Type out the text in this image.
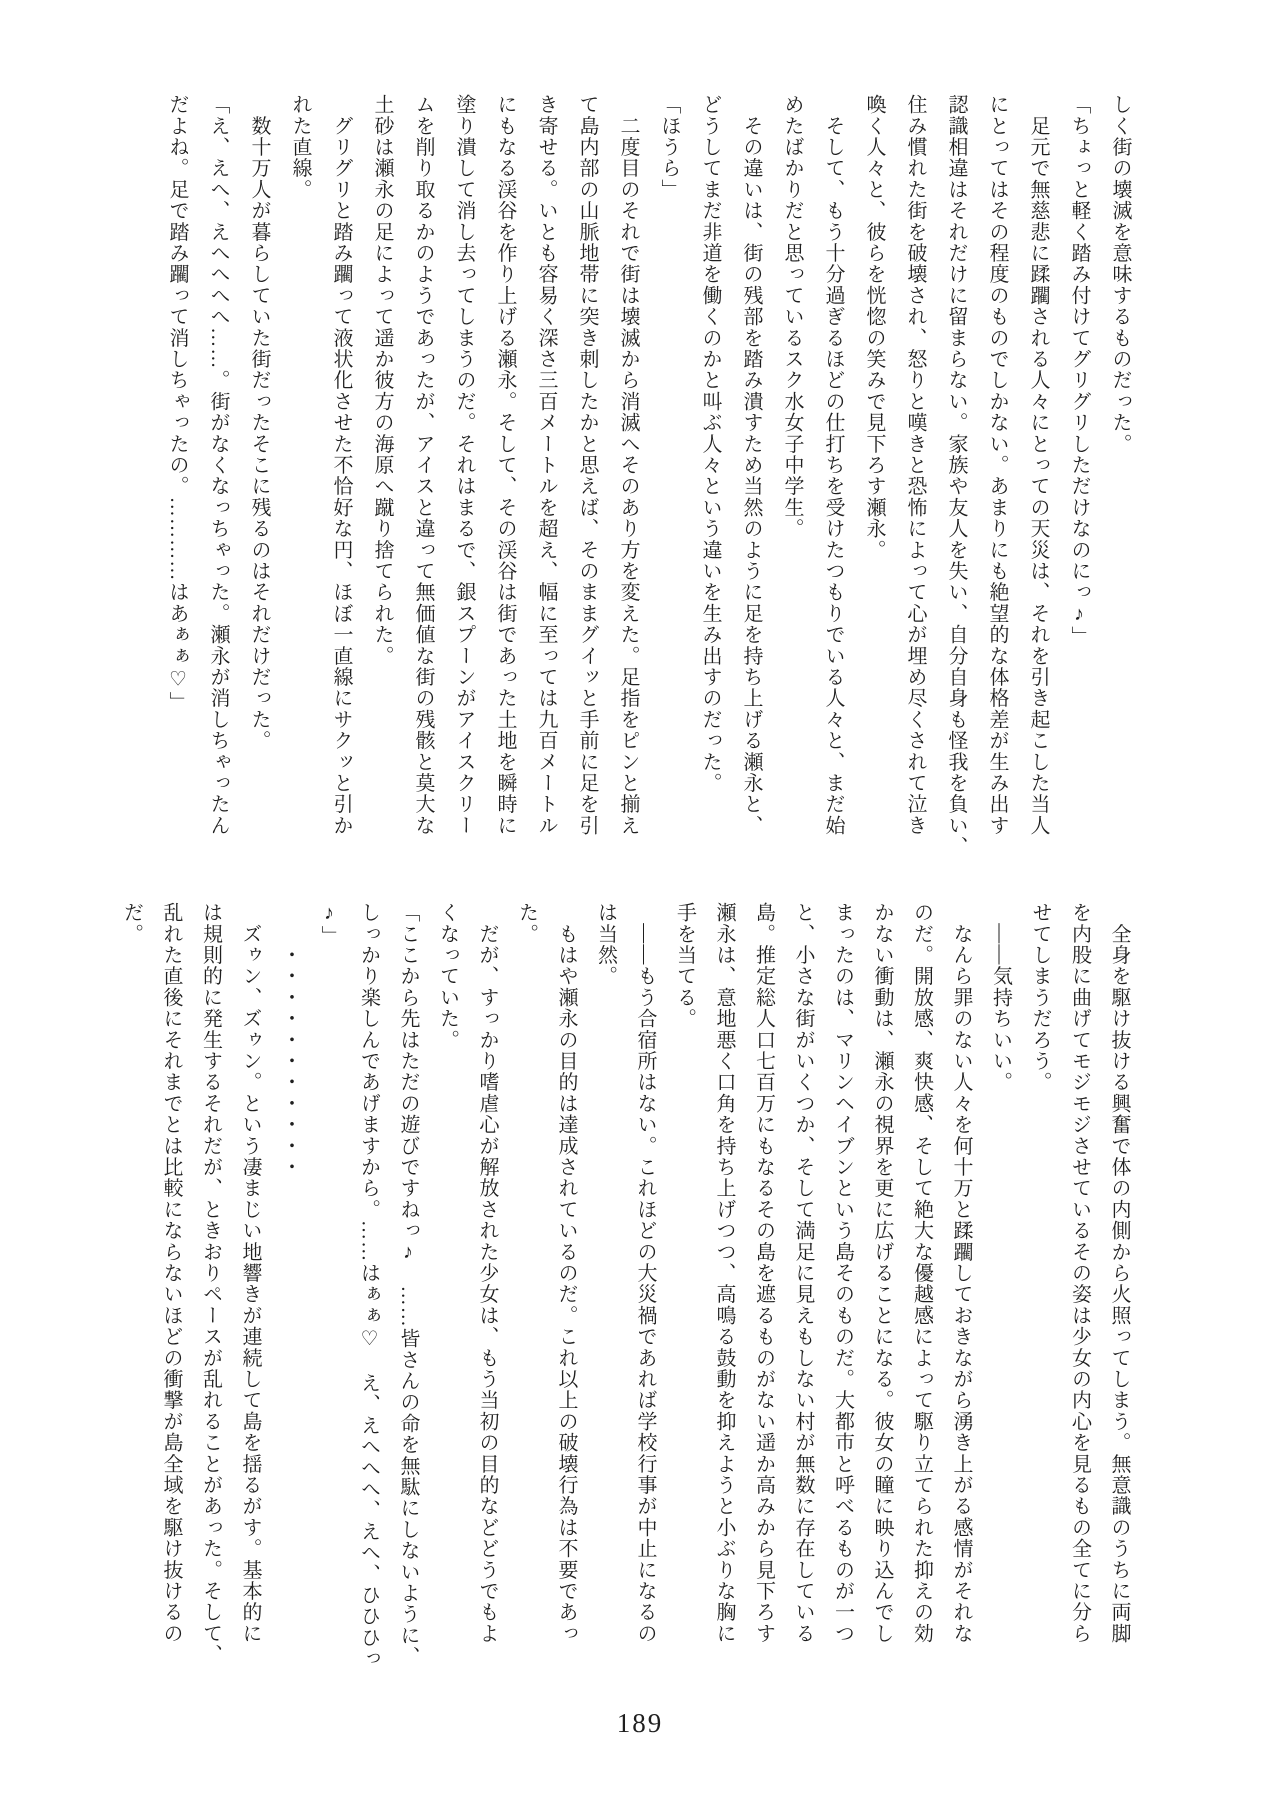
しく街の壊滅を意味するものだった。

「ちょっと軽く踏み付けてグリグリしただけなのにっ♪」

　足元で無慈悲に蹂躙される人々にとっての天災は、それを引き起こした当人

にとってはその程度のものでしかない。あまりにも絶望的な体格差が生み出す

認識相違はそれだけに留まらない。家族や友人を失い、自分自身も怪我を負い、

住み慣れた街を破壊され、怒りと嘆きと恐怖によって心が埋め尽くされて泣き

喚く人々と、彼らを恍惚の笑みで見下ろす瀬永。

　そして、もう十分過ぎるほどの仕打ちを受けたつもりでいる人々と、まだ始

めたばかりだと思っているスク水女子中学生。

　その違いは、街の残部を踏み潰すため当然のように足を持ち上げる瀬永と、

どうしてまだ非道を働くのかと叫ぶ人々という違いを生み出すのだった。

「ほうら」

　二度目のそれで街は壊滅から消滅へそのあり方を変えた。足指をピンと揃え

て島内部の山脈地帯に突き刺したかと思えば、そのままグイッと手前に足を引

き寄せる。いとも容易く深さ三百メートルを超え、幅に至っては九百メートル

にもなる渓谷を作り上げる瀬永。そして、その渓谷は街であった土地を瞬時に

塗り潰して消し去ってしまうのだ。それはまるで、銀スプーンがアイスクリー

ムを削り取るかのようであったが、アイスと違って無価値な街の残骸と莫大な

土砂は瀬永の足によって遥か彼方の海原へ蹴り捨てられた。

　グリグリと踏み躙って液状化させた不恰好な円、ほぼ一直線にサクッと引か

れた直線。

　数十万人が暮らしていた街だったそこに残るのはそれだけだった。

「え、えへ、えへへへへ……。街がなくなっちゃった。瀬永が消しちゃったん

だよね。足で踏み躙って消しちゃったの。…………はあぁぁ♡」

　全身を駆け抜ける興奮で体の内側から火照ってしまう。無意識のうちに両脚

を内股に曲げてモジモジさせているその姿は少女の内心を見るもの全てに分ら

せてしまうだろう。

　――気持ちいい。

　なんら罪のない人々を何十万と蹂躙しておきながら湧き上がる感情がそれな

のだ。開放感、爽快感、そして絶大な優越感によって駆り立てられた抑えの効

かない衝動は、瀬永の視界を更に広げることになる。彼女の瞳に映り込んでし

まったのは、マリンヘイブンという島そのものだ。大都市と呼べるものが一つ

と、小さな街がいくつか、そして満足に見えもしない村が無数に存在している

島。推定総人口七百万にもなるその島を遮るものがない遥か高みから見下ろす

瀬永は、意地悪く口角を持ち上げつつ、高鳴る鼓動を抑えようと小ぶりな胸に

手を当てる。

　――もう合宿所はない。これほどの大災禍であれば学校行事が中止になるの

は当然。

　もはや瀬永の目的は達成されているのだ。これ以上の破壊行為は不要であっ

た。

　だが、すっかり嗜虐心が解放された少女は、もう当初の目的などどうでもよ

くなっていた。

「ここから先はただの遊びですねっ♪　……皆さんの命を無駄にしないように、

しっかり楽しんであげますから。……はぁぁ♡　え、えへへへ、えへ、ひひひっ

♪」

　　・・・・・・・・・・・

　ズゥン、ズゥン。という凄まじい地響きが連続して島を揺るがす。基本的に

は規則的に発生するそれだが、ときおりペースが乱れることがあった。そして、

乱れた直後にそれまでとは比較にならないほどの衝撃が島全域を駆け抜けるの

だ。

189
